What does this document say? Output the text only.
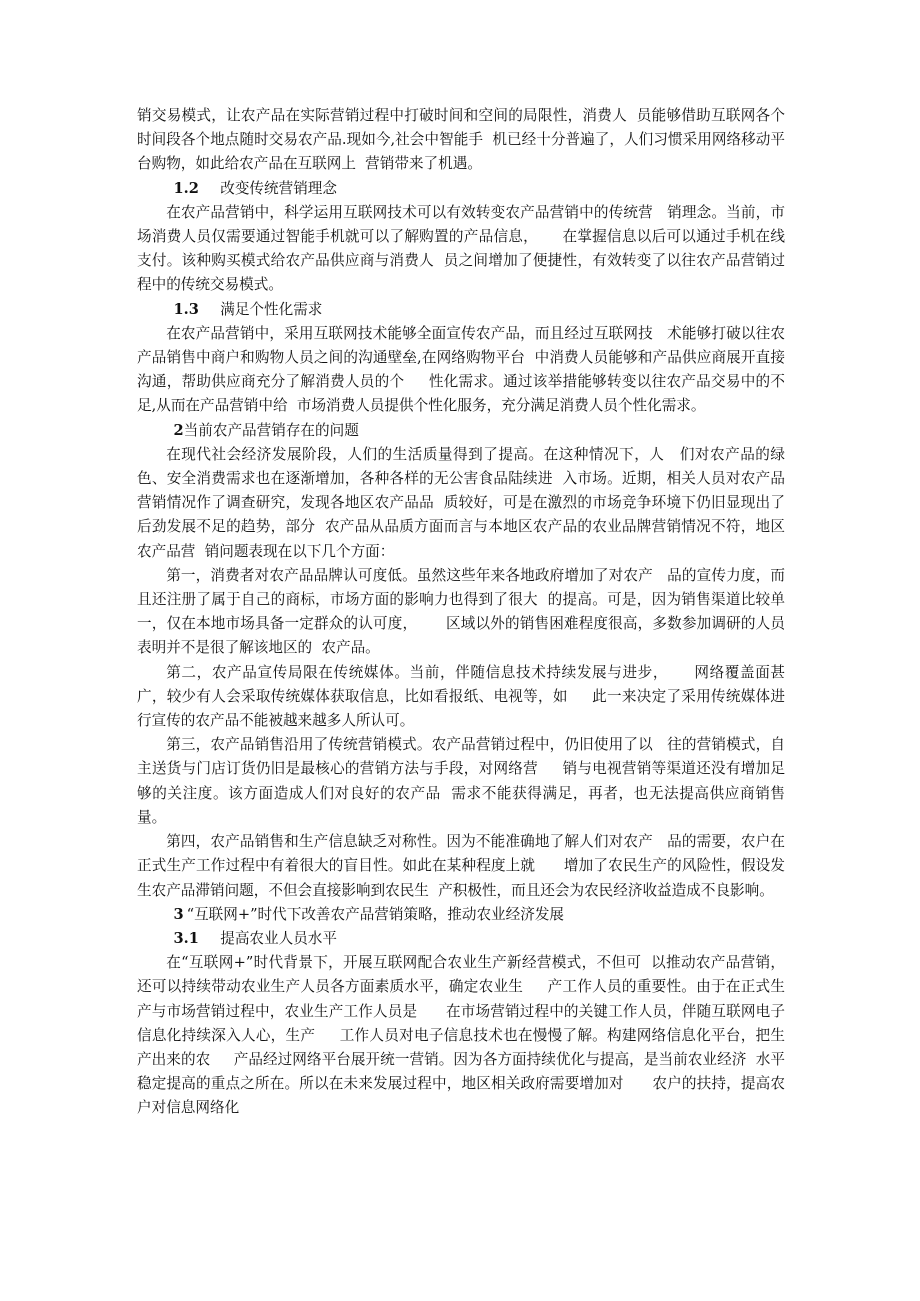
销交易模式，让农产品在实际营销过程中打破时间和空间的局限性，消费人  员能够借助互联网各个时间段各个地点随时交易农产品.现如今,社会中智能手  机已经十分普遍了，人们习惯采用网络移动平台购物，如此给农产品在互联网上  营销带来了机遇。

1.2 改变传统营销理念

在农产品营销中，科学运用互联网技术可以有效转变农产品营销中的传统营   销理念。当前，市场消费人员仅需要通过智能手机就可以了解购置的产品信息，     在掌握信息以后可以通过手机在线支付。该种购买模式给农产品供应商与消费人  员之间增加了便捷性，有效转变了以往农产品营销过程中的传统交易模式。

1.3 满足个性化需求

在农产品营销中，采用互联网技术能够全面宣传农产品，而且经过互联网技   术能够打破以往农产品销售中商户和购物人员之间的沟通壁垒,在网络购物平台  中消费人员能够和产品供应商展开直接沟通，帮助供应商充分了解消费人员的个     性化需求。通过该举措能够转变以往农产品交易中的不足,从而在产品营销中给  市场消费人员提供个性化服务，充分满足消费人员个性化需求。

2当前农产品营销存在的问题

在现代社会经济发展阶段，人们的生活质量得到了提高。在这种情况下，人   们对农产品的绿色、安全消费需求也在逐渐增加，各种各样的无公害食品陆续进  入市场。近期，相关人员对农产品营销情况作了调查研究，发现各地区农产品品  质较好，可是在激烈的市场竞争环境下仍旧显现出了后劲发展不足的趋势，部分  农产品从品质方面而言与本地区农产品的农业品牌营销情况不符，地区农产品营  销问题表现在以下几个方面：

第一，消费者对农产品品牌认可度低。虽然这些年来各地政府增加了对农产   品的宣传力度，而且还注册了属于自己的商标，市场方面的影响力也得到了很大  的提高。可是，因为销售渠道比较单一，仅在本地市场具备一定群众的认可度，      区域以外的销售困难程度很高，多数参加调研的人员表明并不是很了解该地区的  农产品。

第二，农产品宣传局限在传统媒体。当前，伴随信息技术持续发展与进步，     网络覆盖面甚广，较少有人会采取传统媒体获取信息，比如看报纸、电视等，如     此一来决定了采用传统媒体进行宣传的农产品不能被越来越多人所认可。

第三，农产品销售沿用了传统营销模式。农产品营销过程中，仍旧使用了以   往的营销模式，自主送货与门店订货仍旧是最核心的营销方法与手段，对网络营     销与电视营销等渠道还没有增加足够的关注度。该方面造成人们对良好的农产品  需求不能获得满足，再者，也无法提高供应商销售量。

第四，农产品销售和生产信息缺乏对称性。因为不能准确地了解人们对农产   品的需要，农户在正式生产工作过程中有着很大的盲目性。如此在某种程度上就      增加了农民生产的风险性，假设发生农产品滞销问题，不但会直接影响到农民生  产积极性，而且还会为农民经济收益造成不良影响。

3 “互联网+”时代下改善农产品营销策略，推动农业经济发展
3.1 提高农业人员水平

在“互联网+”时代背景下，开展互联网配合农业生产新经营模式，不但可  以推动农产品营销，还可以持续带动农业生产人员各方面素质水平，确定农业生     产工作人员的重要性。由于在正式生产与市场营销过程中，农业生产工作人员是      在市场营销过程中的关键工作人员，伴随互联网电子信息化持续深入人心，生产     工作人员对电子信息技术也在慢慢了解。构建网络信息化平台，把生产出来的农     产品经过网络平台展开统一营销。因为各方面持续优化与提高，是当前农业经济  水平稳定提高的重点之所在。所以在未来发展过程中，地区相关政府需要增加对      农户的扶持，提高农户对信息网络化
